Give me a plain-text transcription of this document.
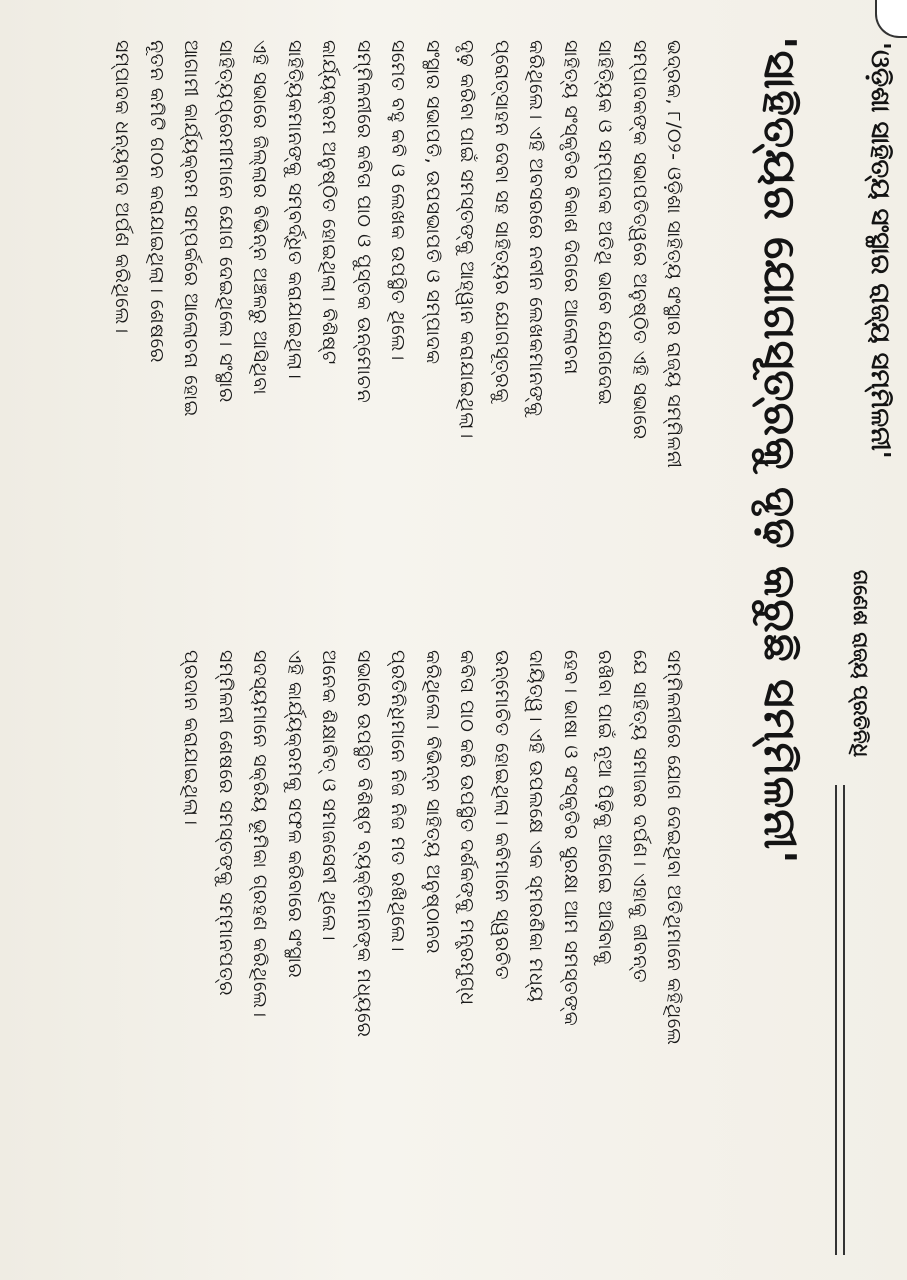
'ଓଡ଼ିଶା ସାହିତ୍ୟ ସଂସ୍ଥାର ରାଜ୍ୟ ସମ୍ମିଳନୀ'
ଗଣେଶ ରାଜ୍ୟ ପ୍ରତିନିଧି
'ସାହିତ୍ୟର ଯୋଗସୂତ୍ରକୁ ଦୃଢ଼ କରୁଛି ସମ୍ମିଳନୀ'
ଭଦ୍ରକ, ୮/୦୨- ଓଡ଼ିଶା ସାହିତ୍ୟ ସଂସ୍ଥାର ରାଜ୍ୟ ସମ୍ମିଳନୀ
ସମ୍ପାଦକଙ୍କ ସଭାପତିତ୍ୱରେ ଅନୁଷ୍ଠିତ ଏହି ସଭାରେ
ସାହିତ୍ୟିକ ଓ ସମ୍ପାଦକ ଅତିଥି ଭାବେ ଯୋଗଦେଇ
ସାହିତ୍ୟ ସଂସ୍କୃତିର ବିକାଶ ଦିଗରେ ଆଲୋଚନା
କରିଥିଲେ। ଏହି ଅବସରରେ ନବୀନ ଲେଖକମାନଙ୍କୁ
ପ୍ରୋତ୍ସାହନ ଦେବା ସହ ସାହିତ୍ୟର ଯୋଗସୂତ୍ରକୁ
ଦୃଢ଼ କରିବା ପାଇଁ ସମସ୍ତଙ୍କୁ ଆହ୍ୱାନ କରାଯାଇଥିଲା।
ସଂସ୍ଥାର ସଭାପତି, ଉପସଭାପତି ଓ ସମ୍ପାଦକ
ସମେତ ବହୁ କବି ଓ ଲେଖକ ଉପସ୍ଥିତ ଥିଲେ।
ସମ୍ମିଳନୀରେ କବିତା ପାଠ ଓ ପୁସ୍ତକ ଉନ୍ମୋଚନ
କାର୍ଯ୍ୟକ୍ରମ ଅନୁଷ୍ଠିତ ହୋଇଥିଲା। ବିଶିଷ୍ଟ
ସାହିତ୍ୟିକମାନଙ୍କୁ ସମ୍ବର୍ଦ୍ଧିତ କରାଯାଇଥିଲା।
ଏହି ସଭାରେ ଜିଲ୍ଲାର ବିଭିନ୍ନ ଅଞ୍ଚଳରୁ ଆସିଥିବା
ସାହିତ୍ୟପ୍ରେମୀମାନେ ଯୋଗ ଦେଇଥିଲେ। ସଂସ୍ଥାର
ଆଗାମୀ କାର୍ଯ୍ୟକ୍ରମ ସମ୍ପର୍କରେ ଆଲୋଚନା ହୋଇ
ନୂତନ କମିଟି ଗଠନ କରାଯାଇଥିଲା। ଶେଷରେ
ସମ୍ପାଦକ ଧନ୍ୟବାଦ ଅର୍ପଣ କରିଥିଲେ।
ସମ୍ମିଳନୀରେ ଯୋଗ ଦେଇଥିବା ଅତିଥିମାନେ କହିଥିଲେ
ଯେ ସାହିତ୍ୟ ସମାଜର ଦର୍ପଣ। ଏହାକୁ ଜୀବନ୍ତ
ରଖିବା ପାଇଁ ନୂଆ ପିଢ଼ିକୁ ଆଗେଇ ଆସିବାକୁ
ହେବ। ଭାଷା ଓ ସଂସ୍କୃତିର ସୁରକ୍ଷା ଆମ ସମସ୍ତଙ୍କ
ଦାୟିତ୍ୱ। ଏହି ଉପଲକ୍ଷେ ଏକ ସ୍ମରଣିକା ମଧ୍ୟ
ଉନ୍ମୋଚିତ ହୋଇଥିଲା। କବିମାନେ ସ୍ୱରଚିତ
କବିତା ପାଠ କରି ଉପସ୍ଥିତ ଦର୍ଶକଙ୍କୁ ମନ୍ତ୍ରମୁଗ୍ଧ
କରିଥିଲେ। ବିଭିନ୍ନ ସାହିତ୍ୟ ଅନୁଷ୍ଠାନର
ପ୍ରତିନିଧିମାନେ ନିଜ ନିଜ ମତ ରଖିଥିଲେ।
ସଭାରେ ଉପସ୍ଥିତ ବିଶିଷ୍ଟ ବ୍ୟକ୍ତିମାନଙ୍କ ମଧ୍ୟରେ
ଅନେକ ଶିକ୍ଷାବିତ୍ ଓ ସମାଜସେବୀ ଥିଲେ।
ଏହି କାର୍ଯ୍ୟକ୍ରମକୁ ସଫଳ କରିବାରେ ସଂସ୍ଥାର
ସଦସ୍ୟମାନେ ସକ୍ରିୟ ଭୂମିକା ଗ୍ରହଣ କରିଥିଲେ।
ସମ୍ମିଳନୀ ଶେଷରେ ସମସ୍ତଙ୍କୁ ସମ୍ମାନପତ୍ର
ପ୍ରଦାନ କରାଯାଇଥିଲା।
